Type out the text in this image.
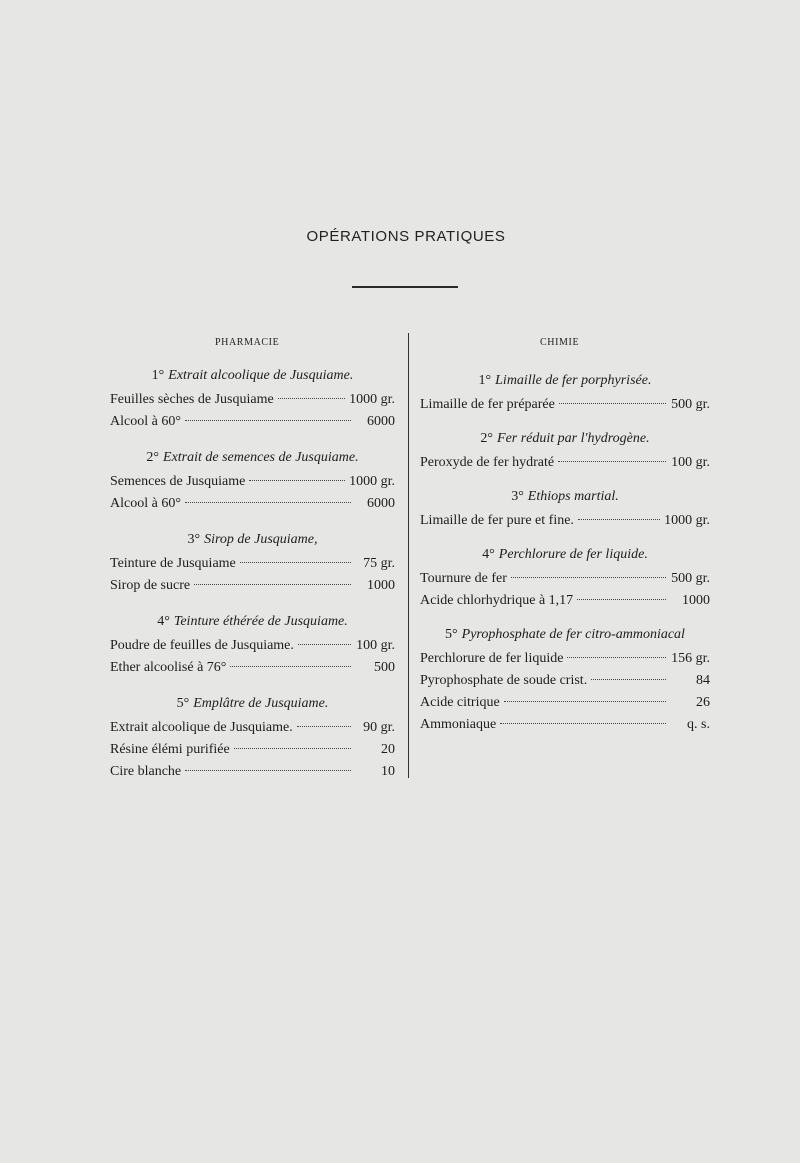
OPÉRATIONS PRATIQUES
PHARMACIE	CHIMIE
1° Extrait alcoolique de Jusquiame.
Feuilles sèches de Jusquiame	1000 gr.
Alcool à 60°	6000
2° Extrait de semences de Jusquiame.
Semences de Jusquiame	1000 gr.
Alcool à 60°	6000
3° Sirop de Jusquiame,
Teinture de Jusquiame	75 gr.
Sirop de sucre	1000
4° Teinture éthérée de Jusquiame.
Poudre de feuilles de Jusquiame.	100 gr.
Ether alcoolisé à 76°	500
5° Emplâtre de Jusquiame.
Extrait alcoolique de Jusquiame.	90 gr.
Résine élémi purifiée	20
Cire blanche	10
1° Limaille de fer porphyrisée.
Limaille de fer préparée	500 gr.
2° Fer réduit par l'hydrogène.
Peroxyde de fer hydraté	100 gr.
3° Ethiops martial.
Limaille de fer pure et fine.	1000 gr.
4° Perchlorure de fer liquide.
Tournure de fer	500 gr.
Acide chlorhydrique à 1,17	1000
5° Pyrophosphate de fer citro-ammoniacal
Perchlorure de fer liquide	156 gr.
Pyrophosphate de soude crist.	84
Acide citrique	26
Ammoniaque	q. s.
